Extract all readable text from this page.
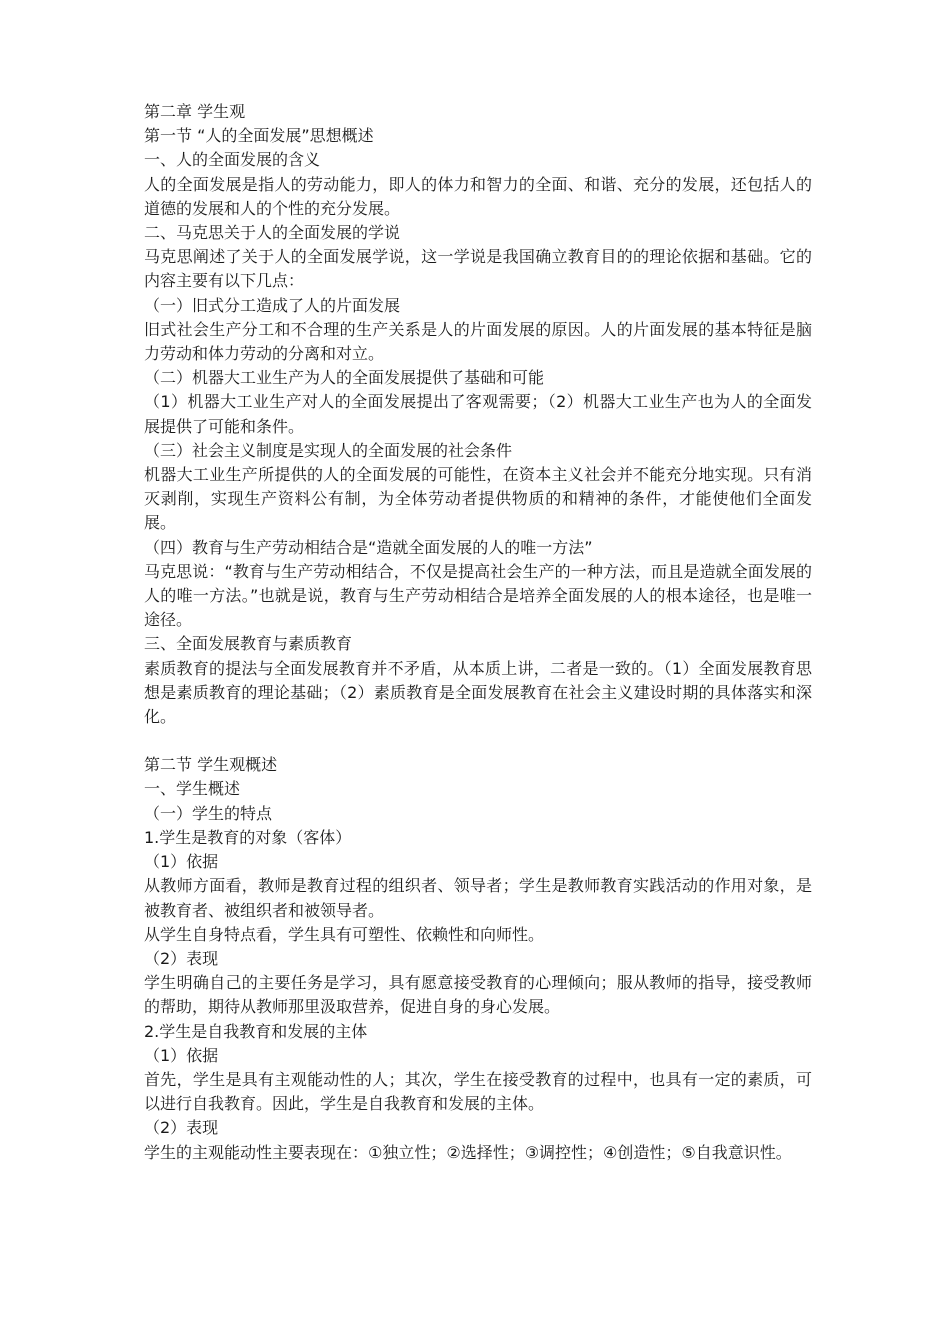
第二章 学生观
第一节 “人的全面发展”思想概述
一、人的全面发展的含义
人的全面发展是指人的劳动能力，即人的体力和智力的全面、和谐、充分的发展，还包括人的道德的发展和人的个性的充分发展。
二、马克思关于人的全面发展的学说
马克思阐述了关于人的全面发展学说，这一学说是我国确立教育目的的理论依据和基础。它的内容主要有以下几点：
（一）旧式分工造成了人的片面发展
旧式社会生产分工和不合理的生产关系是人的片面发展的原因。人的片面发展的基本特征是脑力劳动和体力劳动的分离和对立。
（二）机器大工业生产为人的全面发展提供了基础和可能
（1）机器大工业生产对人的全面发展提出了客观需要；（2）机器大工业生产也为人的全面发展提供了可能和条件。
（三）社会主义制度是实现人的全面发展的社会条件
机器大工业生产所提供的人的全面发展的可能性，在资本主义社会并不能充分地实现。只有消灭剥削，实现生产资料公有制，为全体劳动者提供物质的和精神的条件，才能使他们全面发展。
（四）教育与生产劳动相结合是“造就全面发展的人的唯一方法”
马克思说：“教育与生产劳动相结合，不仅是提高社会生产的一种方法，而且是造就全面发展的人的唯一方法。”也就是说，教育与生产劳动相结合是培养全面发展的人的根本途径，也是唯一途径。
三、全面发展教育与素质教育
素质教育的提法与全面发展教育并不矛盾，从本质上讲，二者是一致的。（1）全面发展教育思想是素质教育的理论基础；（2）素质教育是全面发展教育在社会主义建设时期的具体落实和深化。
第二节 学生观概述
一、学生概述
（一）学生的特点
1.学生是教育的对象（客体）
（1）依据
从教师方面看，教师是教育过程的组织者、领导者；学生是教师教育实践活动的作用对象，是被教育者、被组织者和被领导者。
从学生自身特点看，学生具有可塑性、依赖性和向师性。
（2）表现
学生明确自己的主要任务是学习，具有愿意接受教育的心理倾向；服从教师的指导，接受教师的帮助，期待从教师那里汲取营养，促进自身的身心发展。
2.学生是自我教育和发展的主体
（1）依据
首先，学生是具有主观能动性的人；其次，学生在接受教育的过程中，也具有一定的素质，可以进行自我教育。因此，学生是自我教育和发展的主体。
（2）表现
学生的主观能动性主要表现在：①独立性；②选择性；③调控性；④创造性；⑤自我意识性。
